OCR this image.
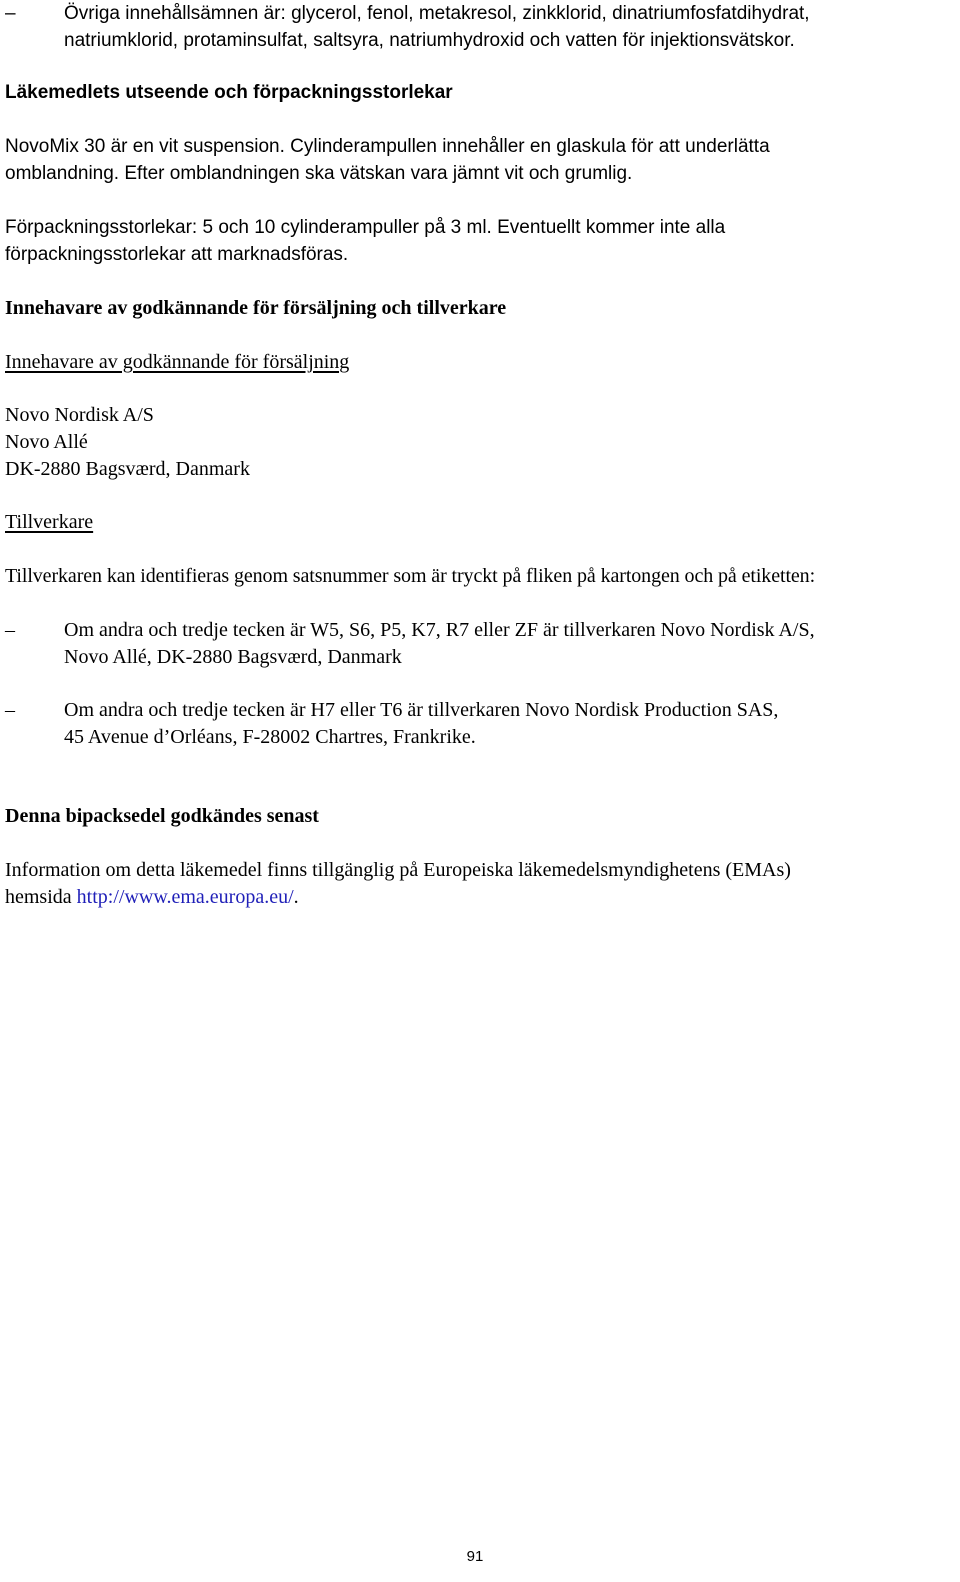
–	Övriga innehållsämnen är: glycerol, fenol, metakresol, zinkklorid, dinatriumfosfatdihydrat,
natriumklorid, protaminsulfat, saltsyra, natriumhydroxid och vatten för injektionsvätskor.

Läkemedlets utseende och förpackningsstorlekar

NovoMix 30 är en vit suspension. Cylinderampullen innehåller en glaskula för att underlätta
omblandning. Efter omblandningen ska vätskan vara jämnt vit och grumlig.
Förpackningsstorlekar: 5 och 10 cylinderampuller på 3 ml. Eventuellt kommer inte alla
förpackningsstorlekar att marknadsföras.

Innehavare av godkännande för försäljning och tillverkare

Innehavare av godkännande för försäljning

Novo Nordisk A/S
Novo Allé
DK-2880 Bagsværd, Danmark

Tillverkare

Tillverkaren kan identifieras genom satsnummer som är tryckt på fliken på kartongen och på etiketten:

–	Om andra och tredje tecken är W5, S6, P5, K7, R7 eller ZF är tillverkaren Novo Nordisk A/S,
Novo Allé, DK-2880 Bagsværd, Danmark
–	Om andra och tredje tecken är H7 eller T6 är tillverkaren Novo Nordisk Production SAS,
45 Avenue d’Orléans, F-28002 Chartres, Frankrike.

Denna bipacksedel godkändes senast

Information om detta läkemedel finns tillgänglig på Europeiska läkemedelsmyndighetens (EMAs)
hemsida http://www.ema.europa.eu/.
91
